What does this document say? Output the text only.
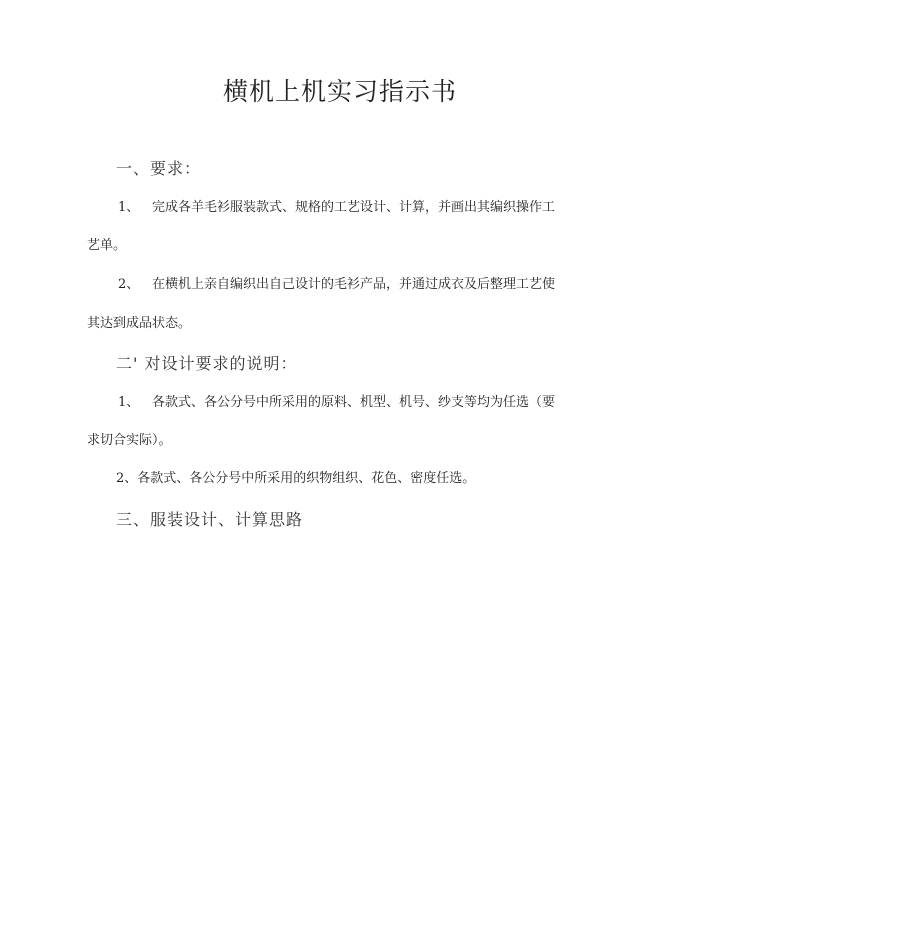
横机上机实习指示书
一、要求：
1、 完成各羊毛衫服装款式、规格的工艺设计、计算，并画出其编织操作工
艺单。
2、 在横机上亲自编织出自己设计的毛衫产品，并通过成衣及后整理工艺使
其达到成品状态。
二' 对设计要求的说明：
1、 各款式、各公分号中所采用的原料、机型、机号、纱支等均为任选（要
求切合实际）。
2、各款式、各公分号中所采用的织物组织、花色、密度任选。
三、服装设计、计算思路
